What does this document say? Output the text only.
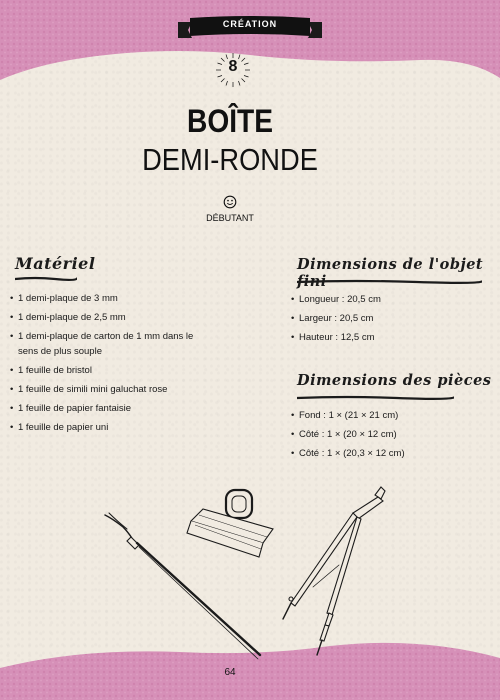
CRÉATION
8
BOÎTE
DEMI-RONDE
DÉBUTANT
Matériel
• 1 demi-plaque de 3 mm
• 1 demi-plaque de 2,5 mm
• 1 demi-plaque de carton de 1 mm dans le sens de plus souple
• 1 feuille de bristol
• 1 feuille de simili mini galuchat rose
• 1 feuille de papier fantaisie
• 1 feuille de papier uni
Dimensions de l'objet fini
• Longueur : 20,5 cm
• Largeur : 20,5 cm
• Hauteur : 12,5 cm
Dimensions des pièces
• Fond : 1 × (21 × 21 cm)
• Côté : 1 × (20 × 12 cm)
• Côté : 1 × (20,3 × 12 cm)
64
